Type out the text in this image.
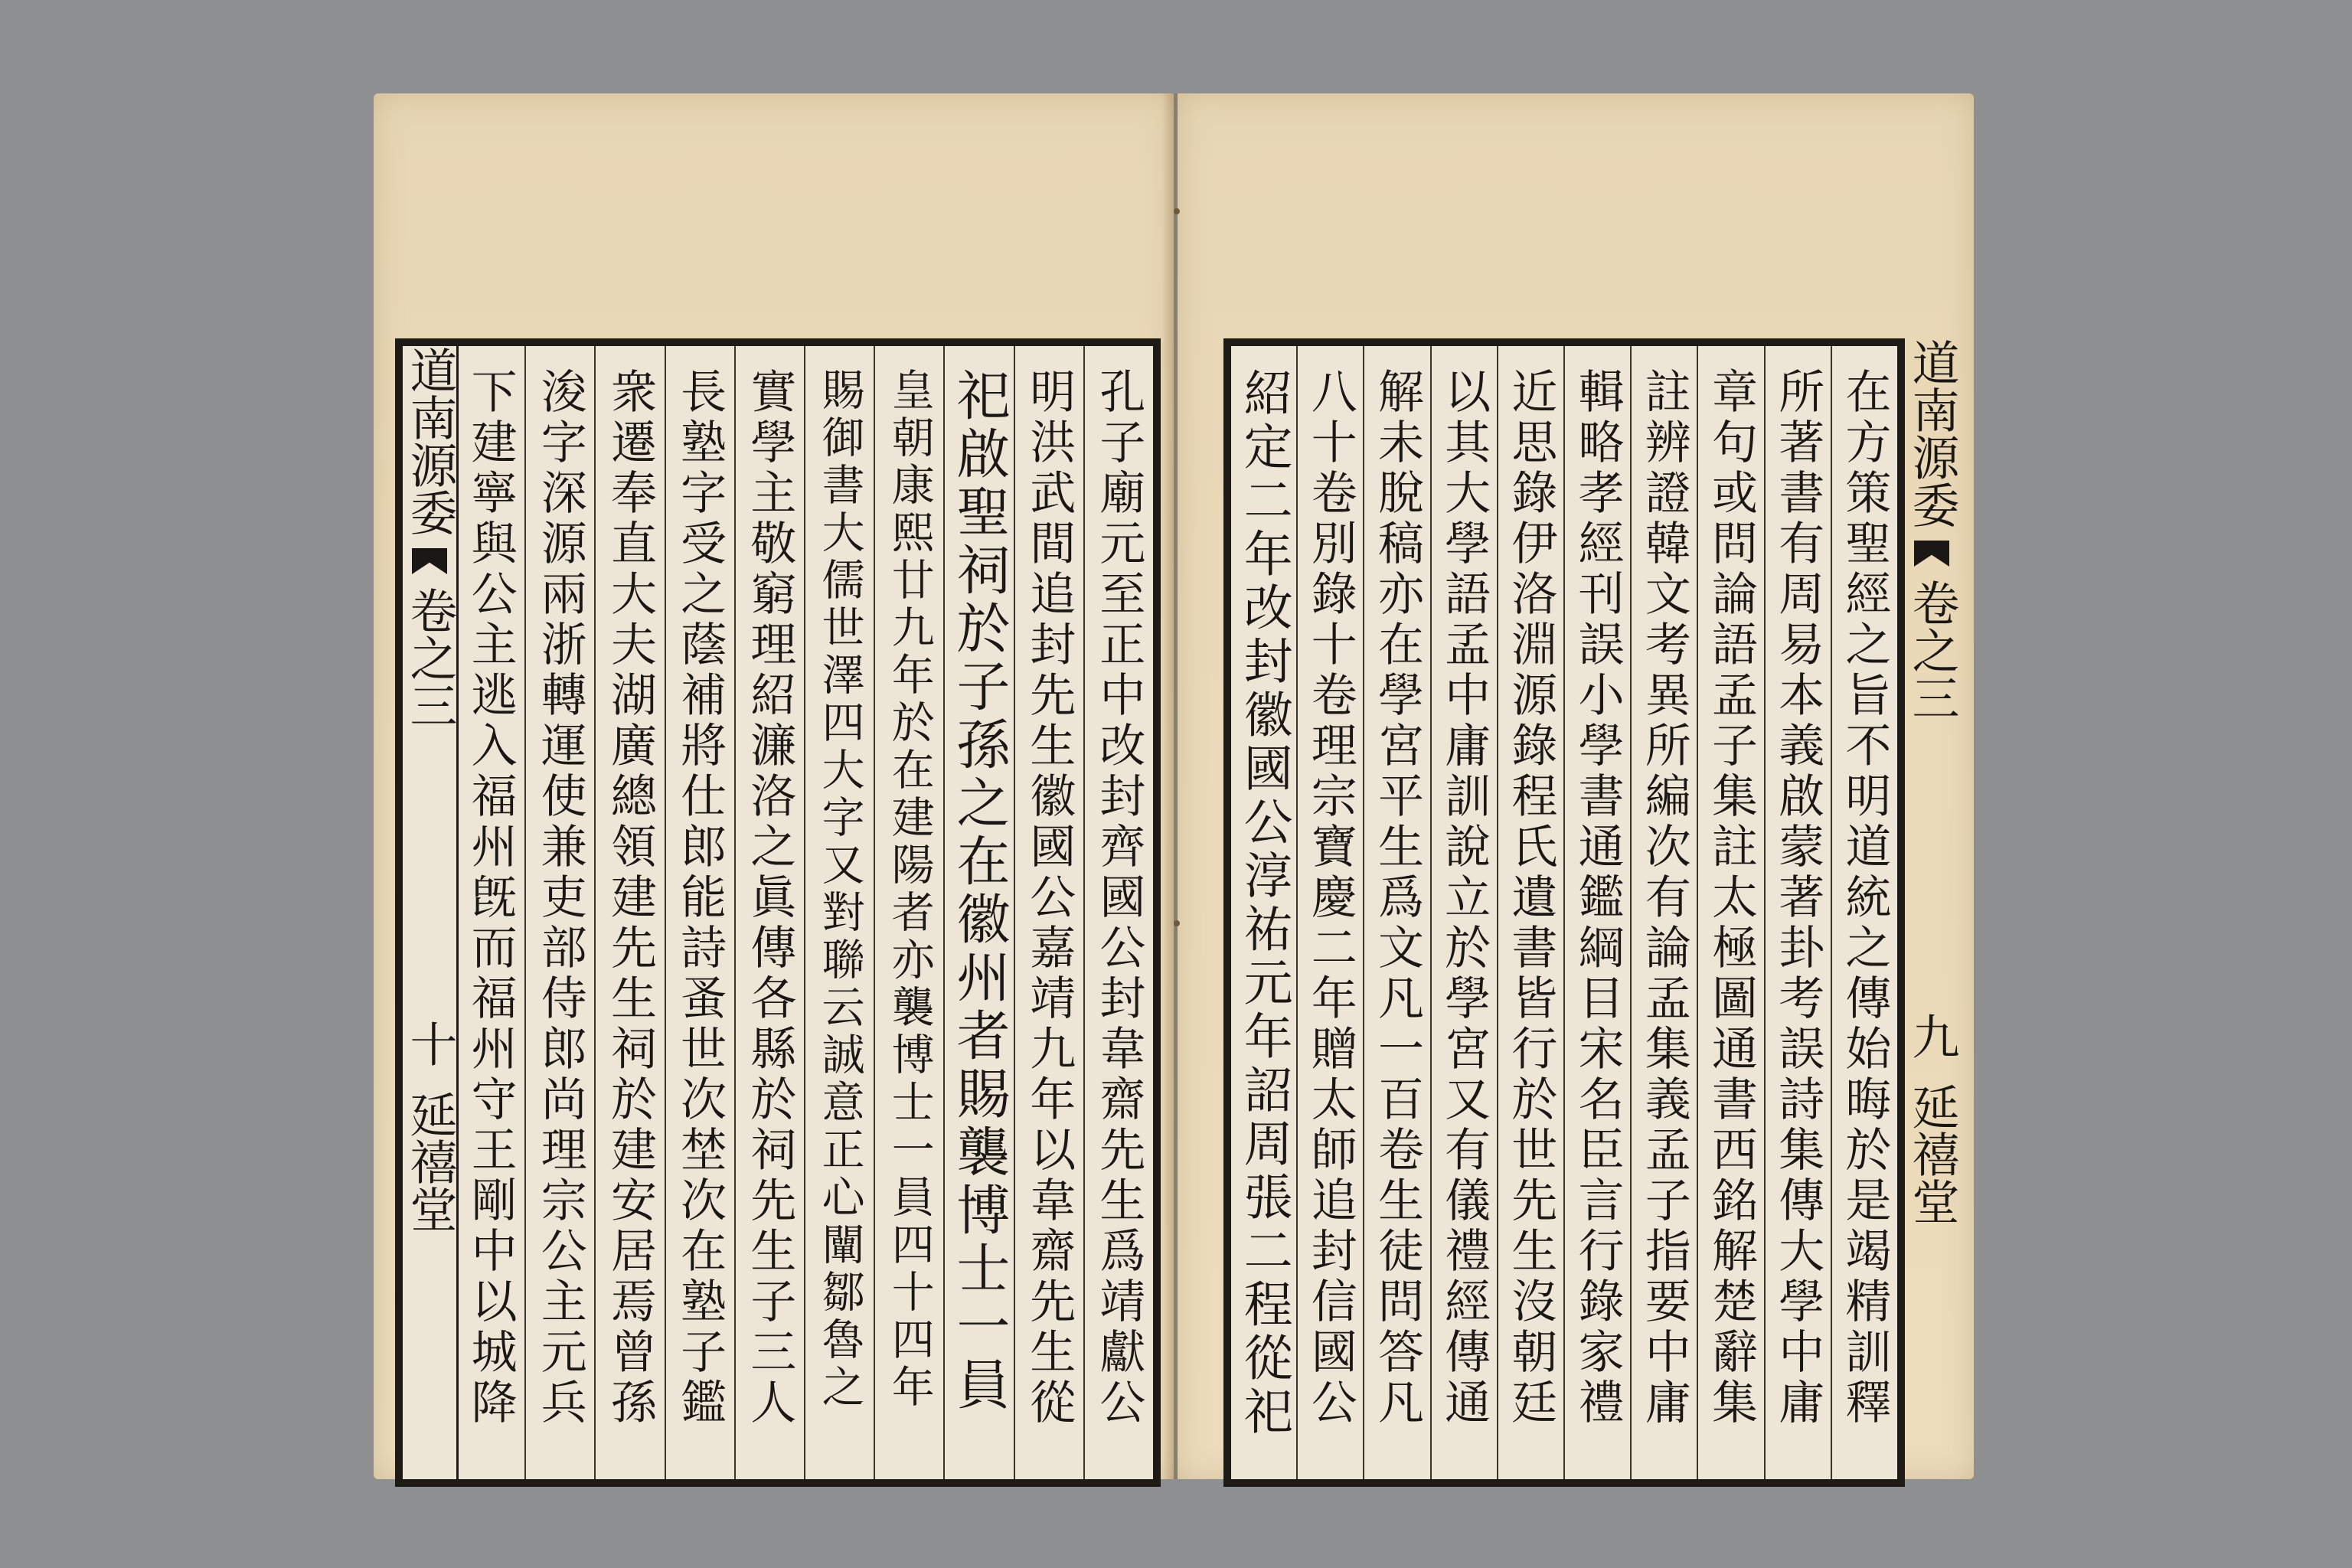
孔子廟元至正中改封齊國公封韋齋先生爲靖獻公
明洪武間追封先生徽國公嘉靖九年以韋齋先生從
祀啟聖祠於子孫之在徽州者賜襲博士一員
皇朝康熙廿九年於在建陽者亦襲博士一員四十四年
賜御書大儒世澤四大字又對聯云誠意正心闡鄒魯之
實學主敬窮理紹濂洛之眞傳各縣於祠先生子三人
長塾字受之蔭補將仕郎能詩蚤世次埜次在塾子鑑
衆遷奉直大夫湖廣總領建先生祠於建安居焉曾孫
浚字深源兩浙轉運使兼吏部侍郎尚理宗公主元兵
下建寧與公主逃入福州旣而福州守王剛中以城降
道南源委
卷之三
十
延禧堂	在方策聖經之旨不明道統之傳始晦於是竭精訓釋
所著書有周易本義啟蒙著卦考誤詩集傳大學中庸
章句或問論語孟子集註太極圖通書西銘解楚辭集
註辨證韓文考異所編次有論孟集義孟子指要中庸
輯略孝經刊誤小學書通鑑綱目宋名臣言行錄家禮
近思錄伊洛淵源錄程氏遺書皆行於世先生沒朝廷
以其大學語孟中庸訓說立於學宮又有儀禮經傳通
解未脫稿亦在學宮平生爲文凡一百卷生徒問答凡
八十卷別錄十卷理宗寶慶二年贈太師追封信國公
紹定二年改封徽國公淳祐元年詔周張二程從祀	道南源委
卷之三
九
延禧堂
